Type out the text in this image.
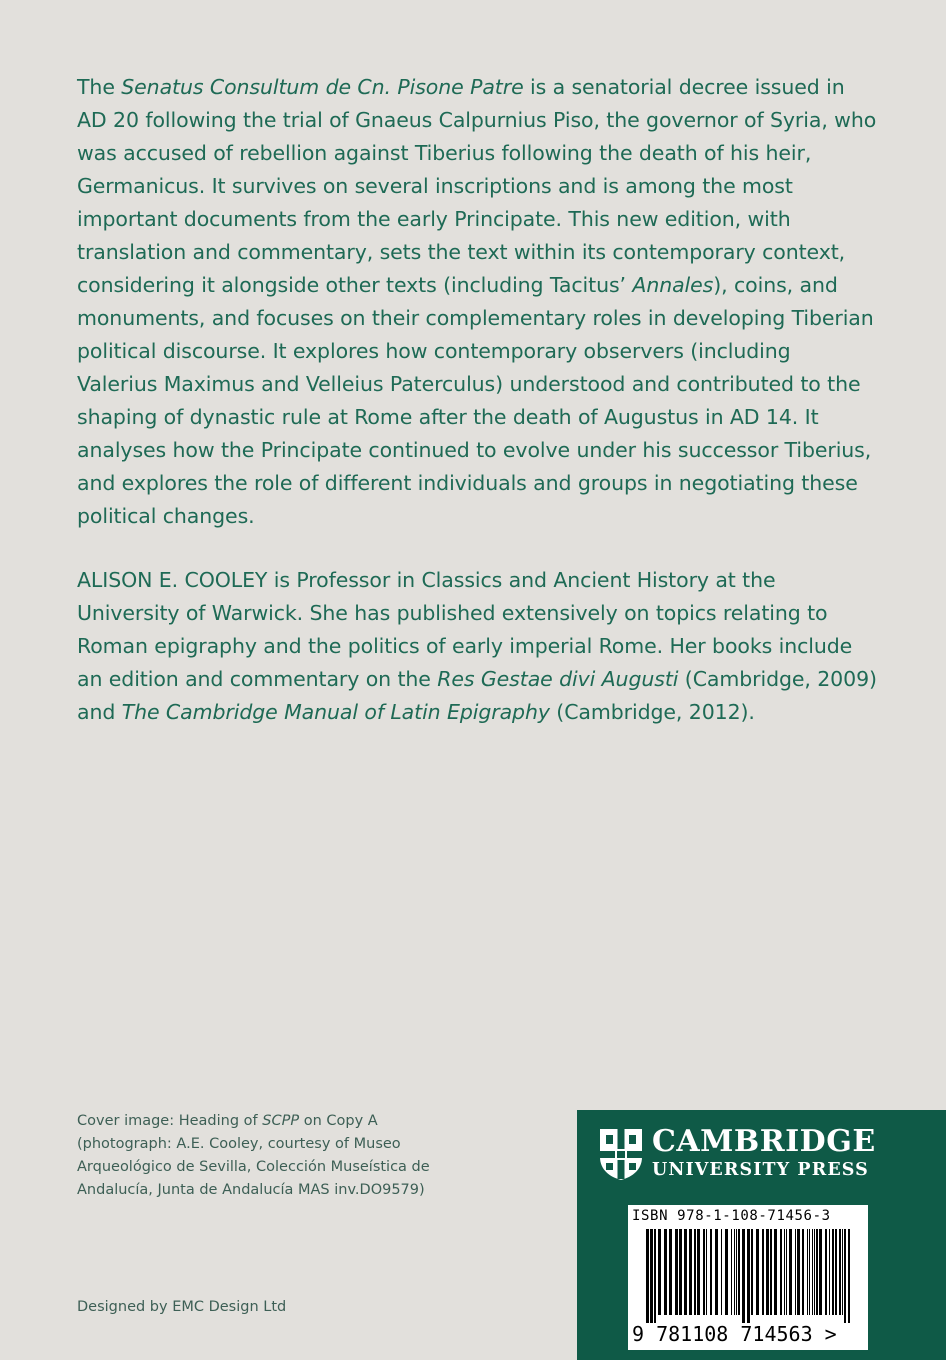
The Senatus Consultum de Cn. Pisone Patre is a senatorial decree issued in AD 20 following the trial of Gnaeus Calpurnius Piso, the governor of Syria, who was accused of rebellion against Tiberius following the death of his heir, Germanicus. It survives on several inscriptions and is among the most important documents from the early Principate. This new edition, with translation and commentary, sets the text within its contemporary context, considering it alongside other texts (including Tacitus’ Annales), coins, and monuments, and focuses on their complementary roles in developing Tiberian political discourse. It explores how contemporary observers (including Valerius Maximus and Velleius Paterculus) understood and contributed to the shaping of dynastic rule at Rome after the death of Augustus in AD 14. It analyses how the Principate continued to evolve under his successor Tiberius, and explores the role of different individuals and groups in negotiating these political changes.

ALISON E. COOLEY is Professor in Classics and Ancient History at the University of Warwick. She has published extensively on topics relating to Roman epigraphy and the politics of early imperial Rome. Her books include an edition and commentary on the Res Gestae divi Augusti (Cambridge, 2009) and The Cambridge Manual of Latin Epigraphy (Cambridge, 2012).

Cover image: Heading of SCPP on Copy A (photograph: A.E. Cooley, courtesy of Museo Arqueológico de Sevilla, Colección Museística de Andalucía, Junta de Andalucía MAS inv.DO9579)

Designed by EMC Design Ltd
CAMBRIDGE
UNIVERSITY PRESS
ISBN 978-1-108-71456-3
9 781108 714563 >
